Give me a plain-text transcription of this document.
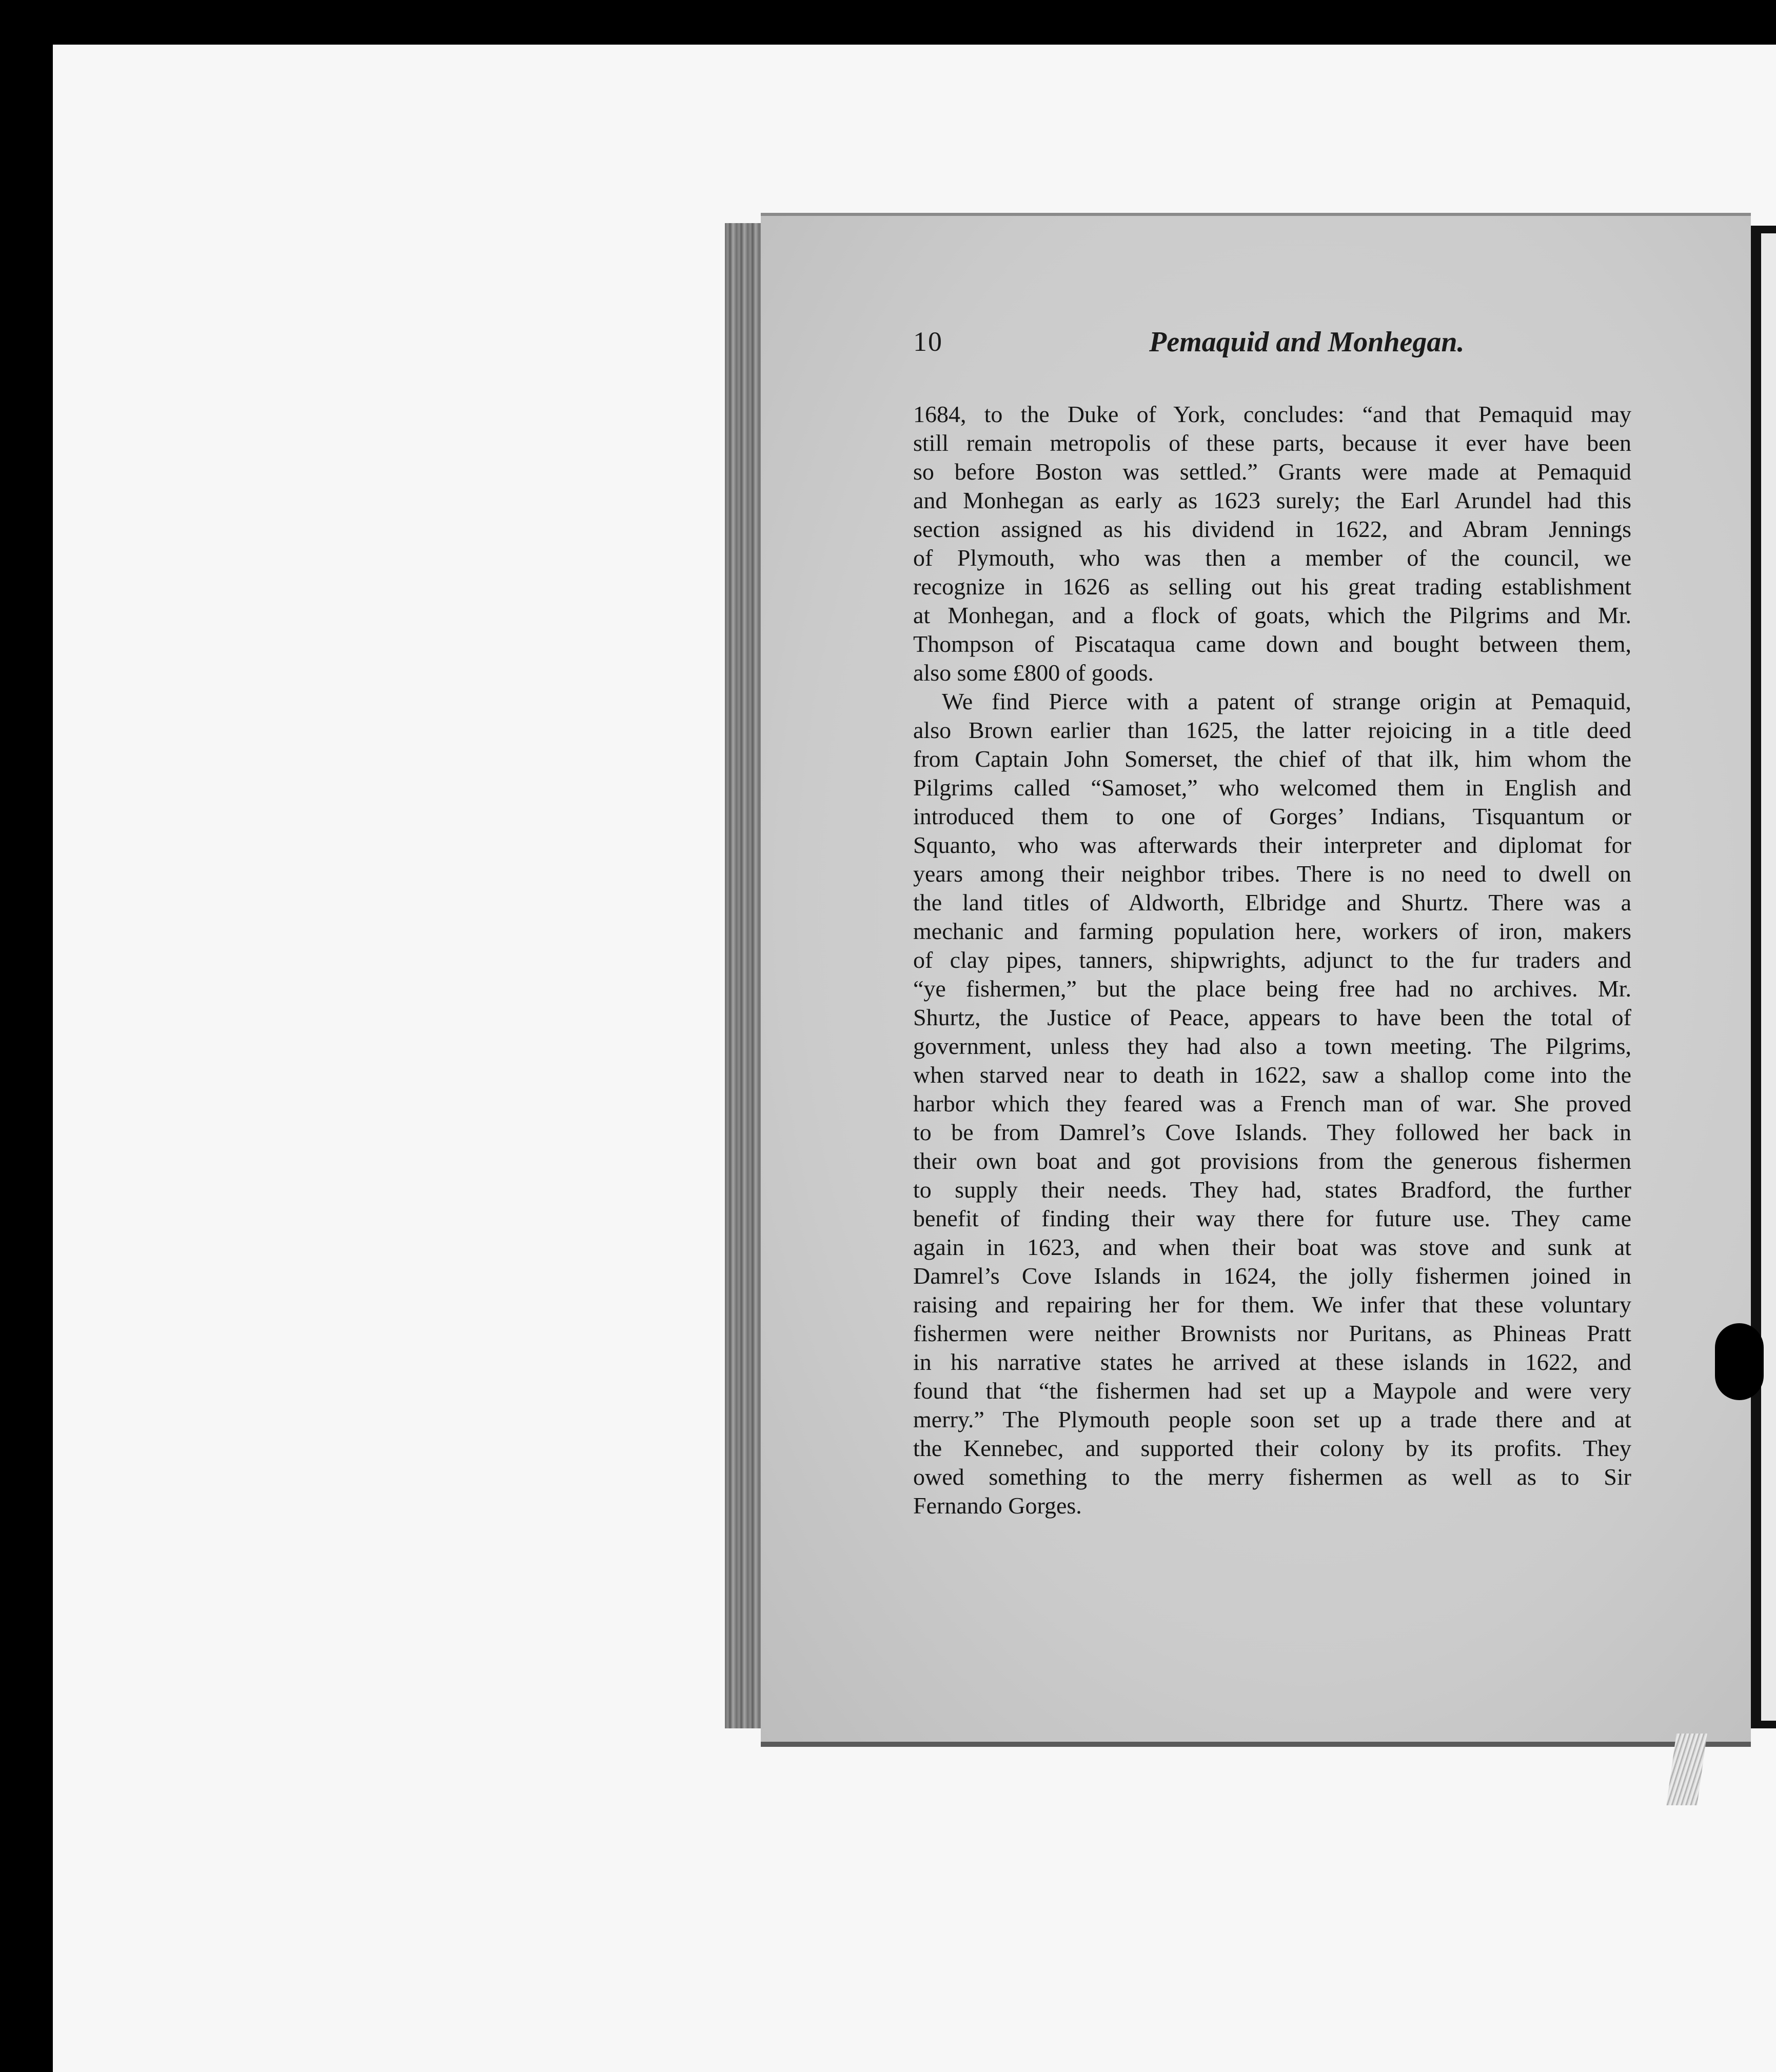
10	Pemaquid and Monhegan.
1684, to the Duke of York, concludes: “and that Pemaquid may
still remain metropolis of these parts, because it ever have been
so before Boston was settled.” Grants were made at Pemaquid
and Monhegan as early as 1623 surely; the Earl Arundel had this
section assigned as his dividend in 1622, and Abram Jennings
of Plymouth, who was then a member of the council, we
recognize in 1626 as selling out his great trading establishment
at Monhegan, and a flock of goats, which the Pilgrims and Mr.
Thompson of Piscataqua came down and bought between them,
also some £800 of goods.
We find Pierce with a patent of strange origin at Pemaquid,
also Brown earlier than 1625, the latter rejoicing in a title deed
from Captain John Somerset, the chief of that ilk, him whom the
Pilgrims called “Samoset,” who welcomed them in English and
introduced them to one of Gorges’ Indians, Tisquantum or
Squanto, who was afterwards their interpreter and diplomat for
years among their neighbor tribes. There is no need to dwell on
the land titles of Aldworth, Elbridge and Shurtz. There was a
mechanic and farming population here, workers of iron, makers
of clay pipes, tanners, shipwrights, adjunct to the fur traders and
“ye fishermen,” but the place being free had no archives. Mr.
Shurtz, the Justice of Peace, appears to have been the total of
government, unless they had also a town meeting. The Pilgrims,
when starved near to death in 1622, saw a shallop come into the
harbor which they feared was a French man of war. She proved
to be from Damrel’s Cove Islands. They followed her back in
their own boat and got provisions from the generous fishermen
to supply their needs. They had, states Bradford, the further
benefit of finding their way there for future use. They came
again in 1623, and when their boat was stove and sunk at
Damrel’s Cove Islands in 1624, the jolly fishermen joined in
raising and repairing her for them. We infer that these voluntary
fishermen were neither Brownists nor Puritans, as Phineas Pratt
in his narrative states he arrived at these islands in 1622, and
found that “the fishermen had set up a Maypole and were very
merry.” The Plymouth people soon set up a trade there and at
the Kennebec, and supported their colony by its profits. They
owed something to the merry fishermen as well as to Sir
Fernando Gorges.
